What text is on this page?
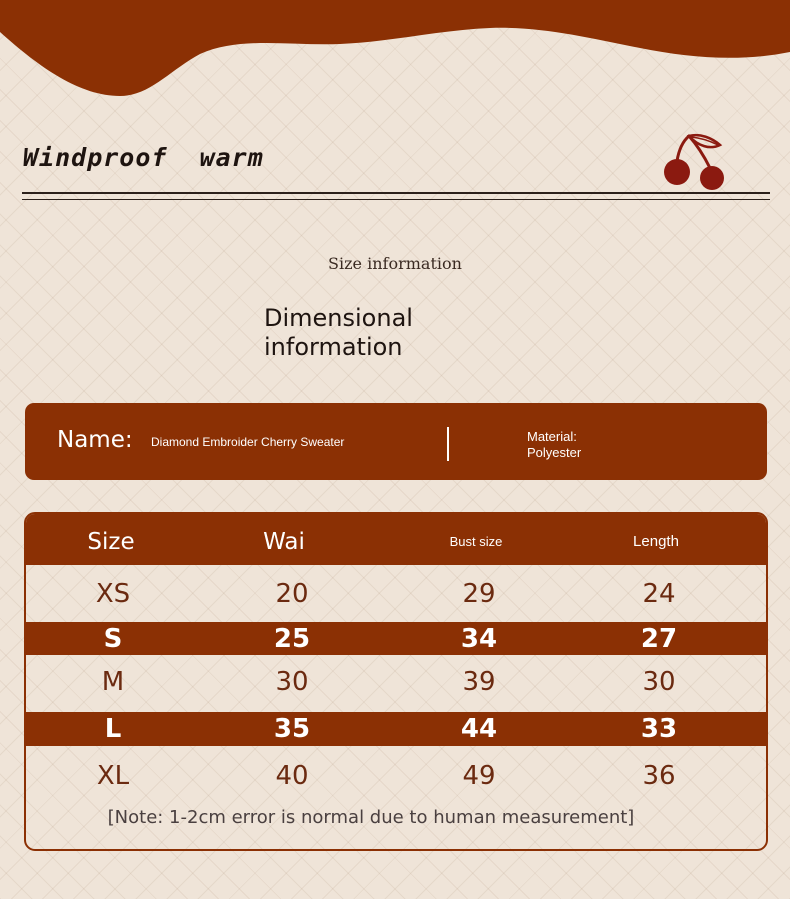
Windproof  warm
Size information
Dimensional information
Name: Diamond Embroider Cherry Sweater	Material:
Polyester
Size	Wai	Bust size	Length
XS	20	29	24
S	25	34	27
M	30	39	30
L	35	44	33
XL	40	49	36
[Note: 1-2cm error is normal due to human measurement]
